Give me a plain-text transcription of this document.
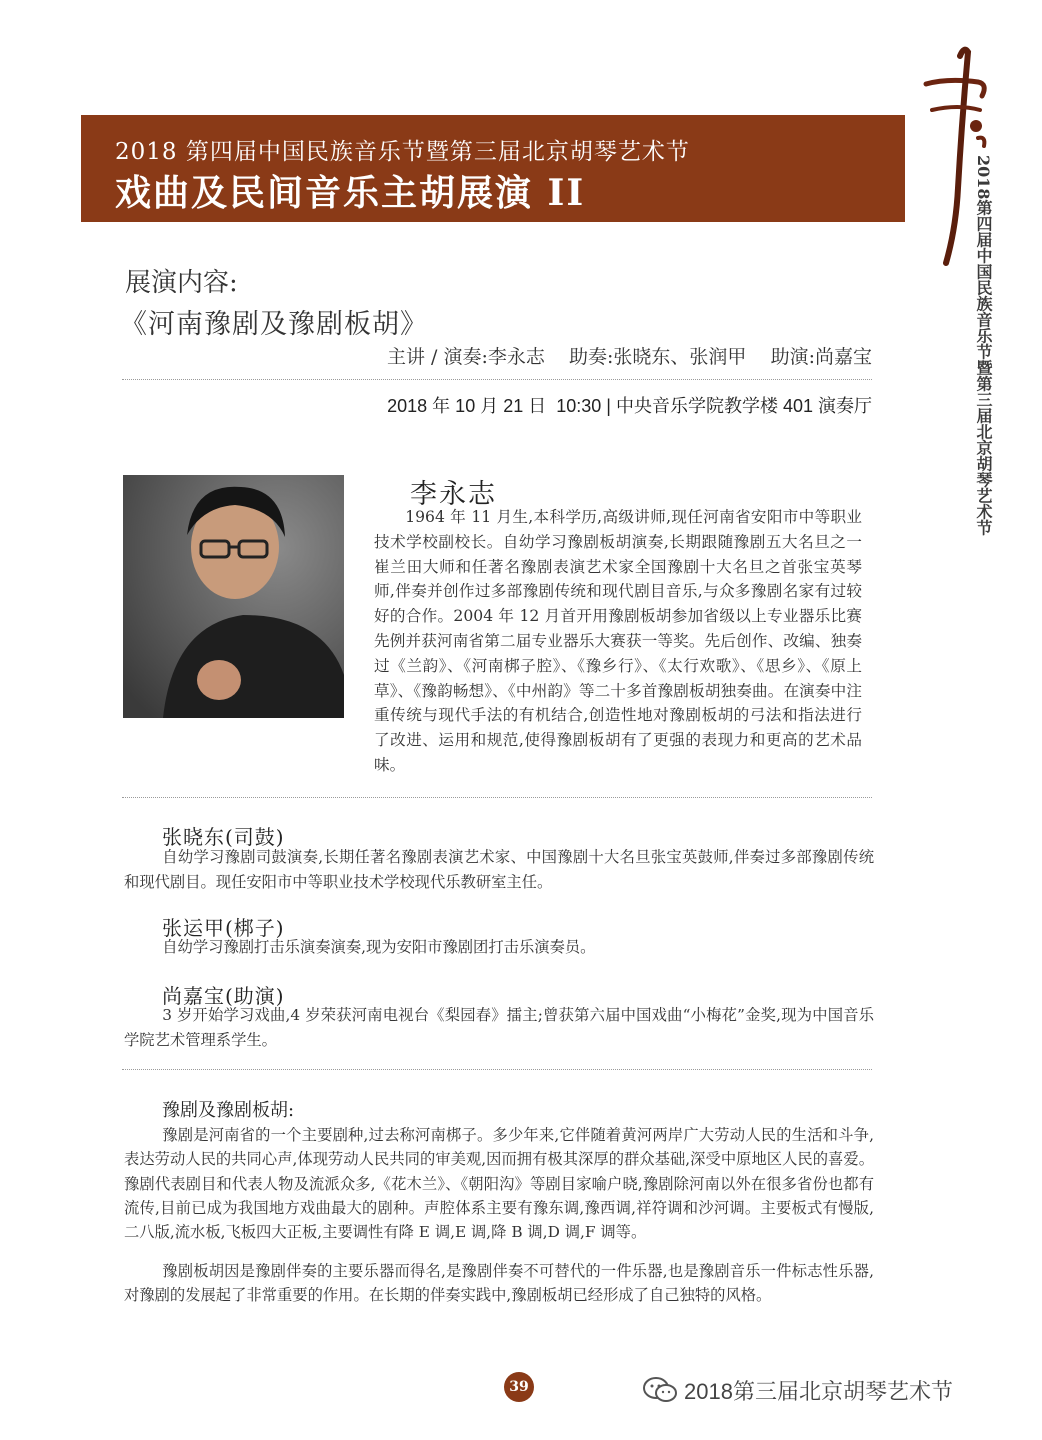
2018 第四届中国民族音乐节暨第三届北京胡琴艺术节
戏曲及民间音乐主胡展演 II	2018第四届中国民族音乐节暨第三届北京胡琴艺术节
展演内容:
《河南豫剧及豫剧板胡》
主讲 / 演奏:李永志    助奏:张晓东、张润甲    助演:尚嘉宝
2018 年 10 月 21 日  10:30 | 中央音乐学院教学楼 401 演奏厅
李永志
1964 年 11 月生,本科学历,高级讲师,现任河南省安阳市中等职业技术学校副校长。自幼学习豫剧板胡演奏,长期跟随豫剧五大名旦之一崔兰田大师和任著名豫剧表演艺术家全国豫剧十大名旦之首张宝英琴师,伴奏并创作过多部豫剧传统和现代剧目音乐,与众多豫剧名家有过较好的合作。2004 年 12 月首开用豫剧板胡参加省级以上专业器乐比赛先例并获河南省第二届专业器乐大赛获一等奖。先后创作、改编、独奏过《兰韵》、《河南梆子腔》、《豫乡行》、《太行欢歌》、《思乡》、《原上草》、《豫韵畅想》、《中州韵》等二十多首豫剧板胡独奏曲。在演奏中注重传统与现代手法的有机结合,创造性地对豫剧板胡的弓法和指法进行了改进、运用和规范,使得豫剧板胡有了更强的表现力和更高的艺术品味。
张晓东(司鼓)
自幼学习豫剧司鼓演奏,长期任著名豫剧表演艺术家、中国豫剧十大名旦张宝英鼓师,伴奏过多部豫剧传统和现代剧目。现任安阳市中等职业技术学校现代乐教研室主任。
张运甲(梆子)
自幼学习豫剧打击乐演奏演奏,现为安阳市豫剧团打击乐演奏员。
尚嘉宝(助演)
3 岁开始学习戏曲,4 岁荣获河南电视台《梨园春》擂主;曾获第六届中国戏曲“小梅花”金奖,现为中国音乐学院艺术管理系学生。
豫剧及豫剧板胡:
豫剧是河南省的一个主要剧种,过去称河南梆子。多少年来,它伴随着黄河两岸广大劳动人民的生活和斗争,表达劳动人民的共同心声,体现劳动人民共同的审美观,因而拥有极其深厚的群众基础,深受中原地区人民的喜爱。豫剧代表剧目和代表人物及流派众多,《花木兰》、《朝阳沟》等剧目家喻户晓,豫剧除河南以外在很多省份也都有流传,目前已成为我国地方戏曲最大的剧种。声腔体系主要有豫东调,豫西调,祥符调和沙河调。主要板式有慢版,二八版,流水板,飞板四大正板,主要调性有降 E 调,E 调,降 B 调,D 调,F 调等。
豫剧板胡因是豫剧伴奏的主要乐器而得名,是豫剧伴奏不可替代的一件乐器,也是豫剧音乐一件标志性乐器,对豫剧的发展起了非常重要的作用。在长期的伴奏实践中,豫剧板胡已经形成了自己独特的风格。
39	2018第三届北京胡琴艺术节
